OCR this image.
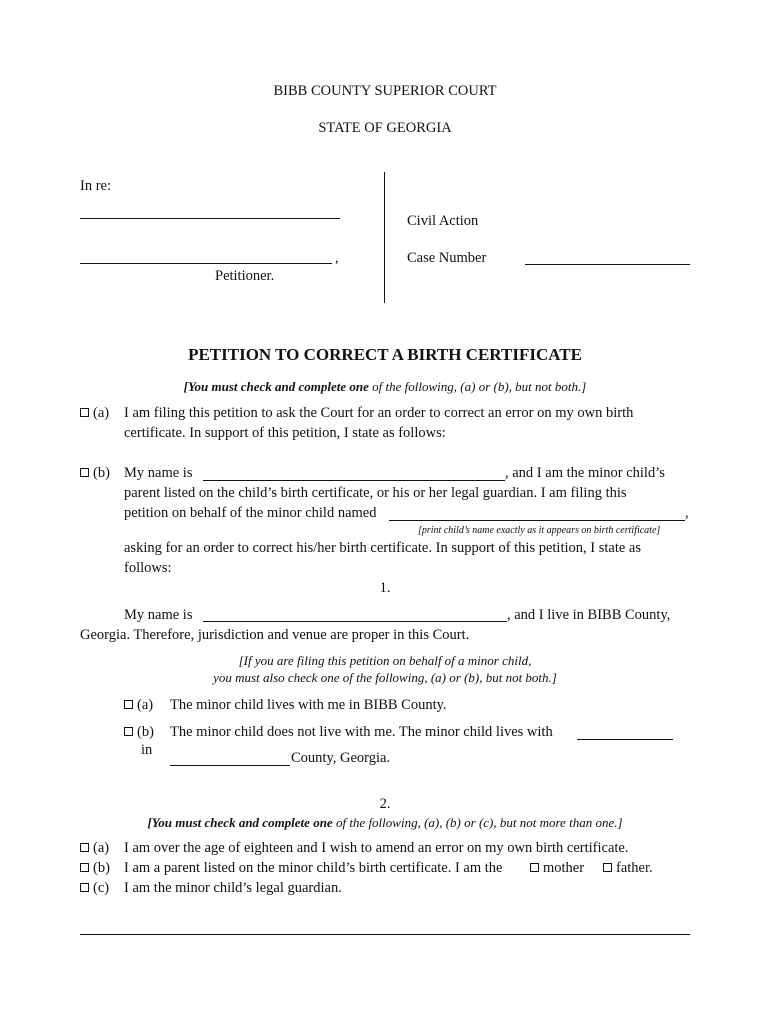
BIBB COUNTY SUPERIOR COURT
STATE OF GEORGIA
In re:
,
Petitioner.
Civil Action
Case Number
PETITION TO CORRECT A BIRTH CERTIFICATE
[You must check and complete one of the following, (a) or (b), but not both.]
(a) I am filing this petition to ask the Court for an order to correct an error on my own birth
certificate. In support of this petition, I state as follows:
(b) My name is	, and I am the minor child’s
parent listed on the child’s birth certificate, or his or her legal guardian. I am filing this
petition on behalf of the minor child named	,
[print child’s name exactly as it appears on birth certificate]
asking for an order to correct his/her birth certificate. In support of this petition, I state as
follows:
1.
My name is	, and I live in BIBB County,
Georgia. Therefore, jurisdiction and venue are proper in this Court.
[If you are filing this petition on behalf of a minor child,
you must also check one of the following, (a) or (b), but not both.]
(a) The minor child lives with me in BIBB County.
(b) The minor child does not live with me. The minor child lives with
in	County, Georgia.
2.
[You must check and complete one of the following, (a), (b) or (c), but not more than one.]
(a) I am over the age of eighteen and I wish to amend an error on my own birth certificate.
(b) I am a parent listed on the minor child’s birth certificate. I am the	mother	father.
(c) I am the minor child’s legal guardian.
